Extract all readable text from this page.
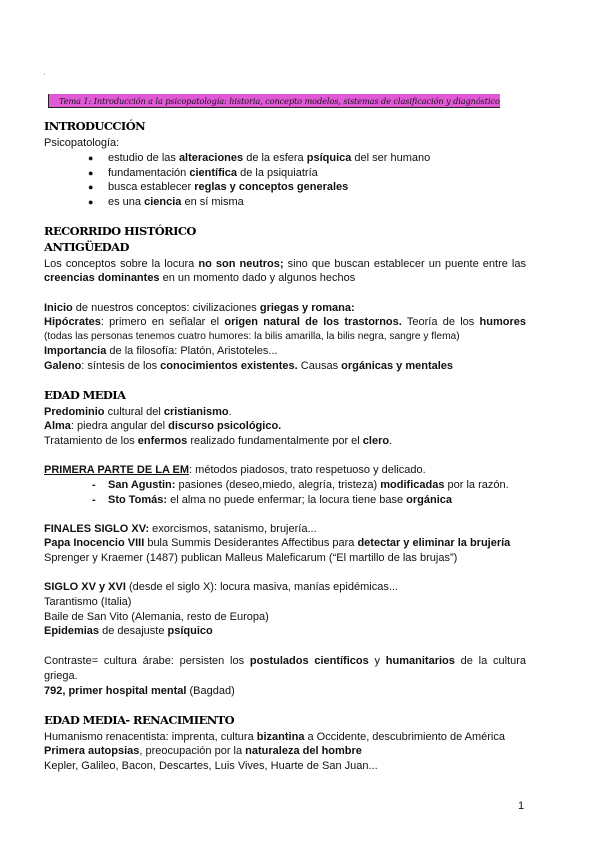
'
Tema 1: Introducción a la psicopatología: historia, concepto modelos, sistemas de clasificación y diagnóstico
INTRODUCCIÓN
Psicopatología:
● estudio de las alteraciones de la esfera psíquica del ser humano
● fundamentación científica de la psiquiatría
● busca establecer reglas y conceptos generales
● es una ciencia en sí misma
RECORRIDO HISTÓRICO
ANTIGÜEDAD
Los conceptos sobre la locura no son neutros; sino que buscan establecer un puente entre las
creencias dominantes en un momento dado y algunos hechos
Inicio de nuestros conceptos: civilizaciones griegas y romana:
Hipócrates: primero en señalar el origen natural de los trastornos. Teoría de los humores
(todas las personas tenemos cuatro humores: la bilis amarilla, la bilis negra, sangre y flema)
Importancia de la filosofía: Platón, Aristoteles...
Galeno: síntesis de los conocimientos existentes. Causas orgánicas y mentales
EDAD MEDIA
Predominio cultural del cristianismo.
Alma: piedra angular del discurso psicológico.
Tratamiento de los enfermos realizado fundamentalmente por el clero.
PRIMERA PARTE DE LA EM: métodos piadosos, trato respetuoso y delicado.
- San Agustin: pasiones (deseo,miedo, alegría, tristeza) modificadas por la razón.
- Sto Tomás: el alma no puede enfermar; la locura tiene base orgánica
FINALES SIGLO XV: exorcismos, satanismo, brujería...
Papa Inocencio VIII bula Summis Desiderantes Affectibus para detectar y eliminar la brujería
Sprenger y Kraemer (1487) publican Malleus Maleficarum (“El martillo de las brujas”)
SIGLO XV y XVI (desde el siglo X): locura masiva, manías epidémicas...
Tarantismo (Italia)
Baile de San Vito (Alemania, resto de Europa)
Epidemias de desajuste psíquico
Contraste= cultura árabe: persisten los postulados científicos y humanitarios de la cultura
griega.
792, primer hospital mental (Bagdad)
EDAD MEDIA- RENACIMIENTO
Humanismo renacentista: imprenta, cultura bizantina a Occidente, descubrimiento de América
Primera autopsias, preocupación por la naturaleza del hombre
Kepler, Galileo, Bacon, Descartes, Luis Vives, Huarte de San Juan...
1
